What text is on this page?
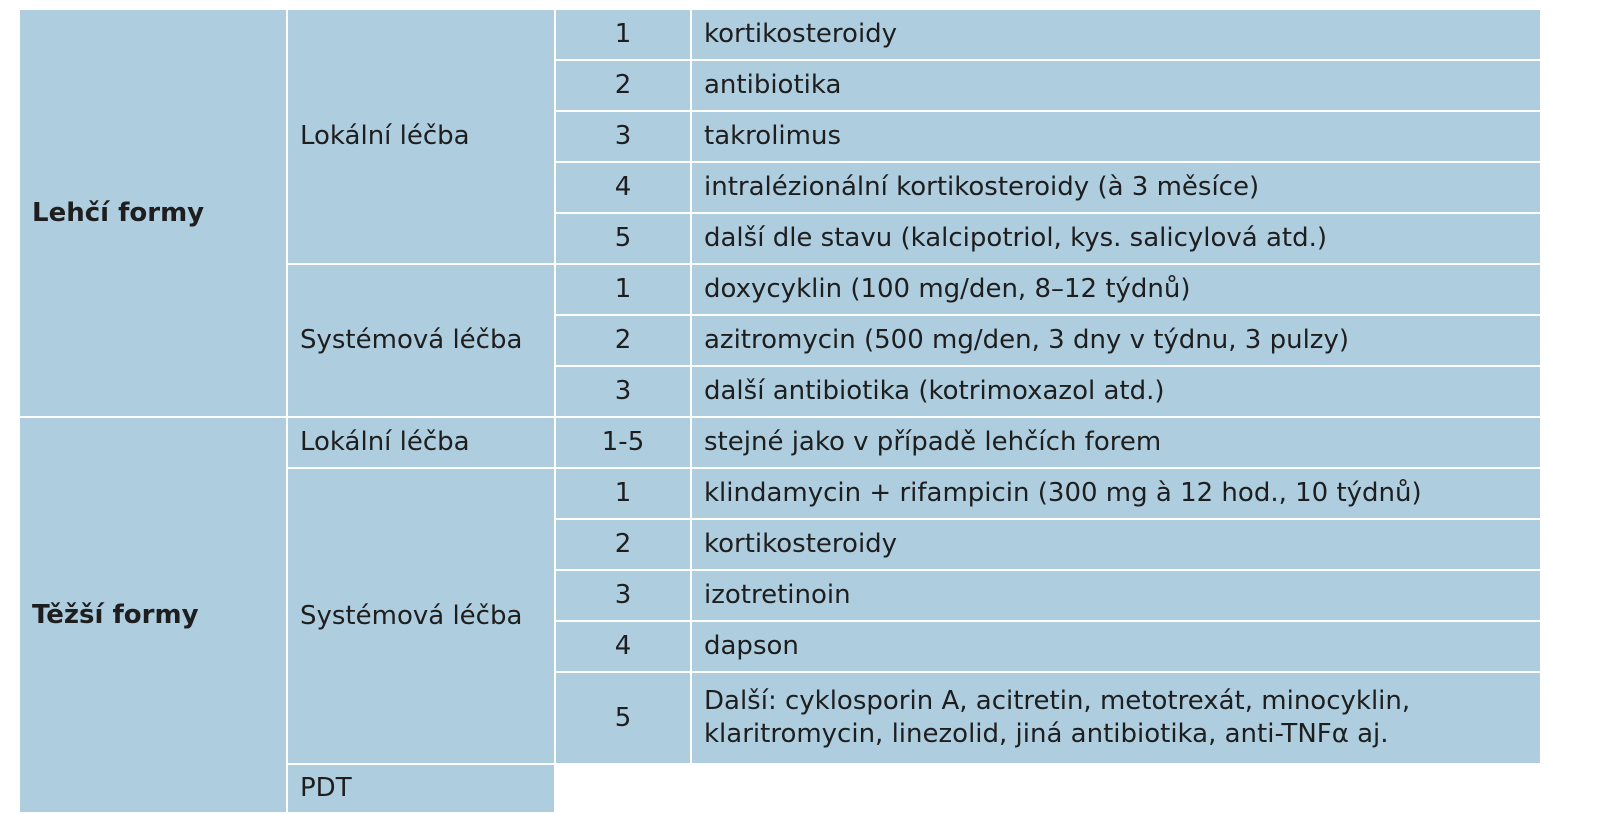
Lehčí formy	Lokální léčba	1	kortikosteroidy
		2	antibiotika
		3	takrolimus
		4	intralézionální kortikosteroidy (à 3 měsíce)
		5	další dle stavu (kalcipotriol, kys. salicylová atd.)
	Systémová léčba	1	doxycyklin (100 mg/den, 8–12 týdnů)
		2	azitromycin (500 mg/den, 3 dny v týdnu, 3 pulzy)
		3	další antibiotika (kotrimoxazol atd.)
Těžší formy	Lokální léčba	1-5	stejné jako v případě lehčích forem
	Systémová léčba	1	klindamycin + rifampicin (300 mg à 12 hod., 10 týdnů)
		2	kortikosteroidy
		3	izotretinoin
		4	dapson
		5	Další: cyklosporin A, acitretin, metotrexát, minocyklin,
klaritromycin, linezolid, jiná antibiotika, anti-TNFα aj.
	PDT		
